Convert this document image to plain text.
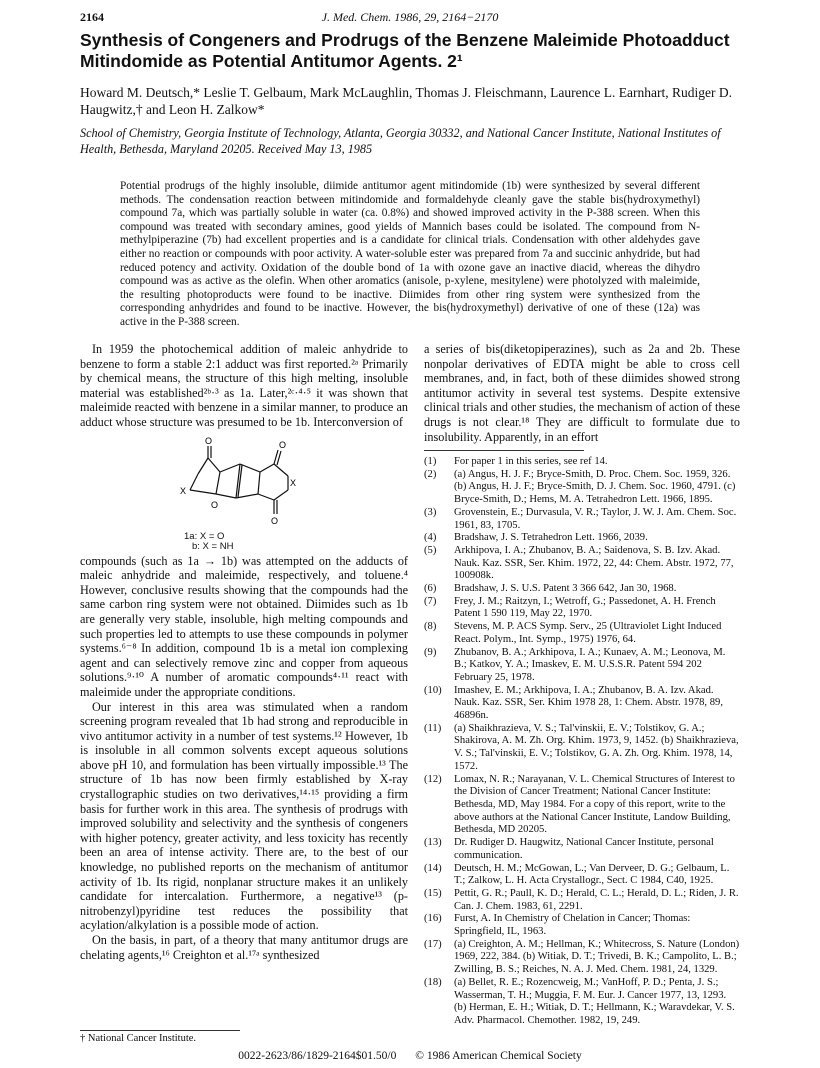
2164	J. Med. Chem. 1986, 29, 2164−2170
Synthesis of Congeners and Prodrugs of the Benzene Maleimide Photoadduct Mitindomide as Potential Antitumor Agents. 2¹

Howard M. Deutsch,* Leslie T. Gelbaum, Mark McLaughlin, Thomas J. Fleischmann, Laurence L. Earnhart, Rudiger D. Haugwitz,† and Leon H. Zalkow*

School of Chemistry, Georgia Institute of Technology, Atlanta, Georgia 30332, and National Cancer Institute, National Institutes of Health, Bethesda, Maryland 20205. Received May 13, 1985

Potential prodrugs of the highly insoluble, diimide antitumor agent mitindomide (1b) were synthesized by several different methods. The condensation reaction between mitindomide and formaldehyde cleanly gave the stable bis(hydroxymethyl) compound 7a, which was partially soluble in water (ca. 0.8%) and showed improved activity in the P-388 screen. When this compound was treated with secondary amines, good yields of Mannich bases could be isolated. The compound from N-methylpiperazine (7b) had excellent properties and is a candidate for clinical trials. Condensation with other aldehydes gave either no reaction or compounds with poor activity. A water-soluble ester was prepared from 7a and succinic anhydride, but had reduced potency and activity. Oxidation of the double bond of 1a with ozone gave an inactive diacid, whereas the dihydro compound was as active as the olefin. When other aromatics (anisole, p-xylene, mesitylene) were photolyzed with maleimide, the resulting photoproducts were found to be inactive. Diimides from other ring system were synthesized from the corresponding anhydrides and found to be inactive. However, the bis(hydroxymethyl) derivative of one of these (12a) was active in the P-388 screen.

In 1959 the photochemical addition of maleic anhydride to benzene to form a stable 2:1 adduct was first reported.²ᵃ Primarily by chemical means, the structure of this high melting, insoluble material was established²ᵇ·³ as 1a. Later,²ᶜ·⁴·⁵ it was shown that maleimide reacted with benzene in a similar manner, to produce an adduct whose structure was presumed to be 1b. Interconversion of

O
X
O
X
O
O
1a: X = O
b: X = NH

compounds (such as 1a → 1b) was attempted on the adducts of maleic anhydride and maleimide, respectively, and toluene.⁴ However, conclusive results showing that the compounds had the same carbon ring system were not obtained. Diimides such as 1b are generally very stable, insoluble, high melting compounds and such properties led to attempts to use these compounds in polymer systems.⁶⁻⁸ In addition, compound 1b is a metal ion complexing agent and can selectively remove zinc and copper from aqueous solutions.⁹·¹⁰ A number of aromatic compounds⁴·¹¹ react with maleimide under the appropriate conditions.

Our interest in this area was stimulated when a random screening program revealed that 1b had strong and reproducible in vivo antitumor activity in a number of test systems.¹² However, 1b is insoluble in all common solvents except aqueous solutions above pH 10, and formulation has been virtually impossible.¹³ The structure of 1b has now been firmly established by X-ray crystallographic studies on two derivatives,¹⁴·¹⁵ providing a firm basis for further work in this area. The synthesis of prodrugs with improved solubility and selectivity and the synthesis of congeners with higher potency, greater activity, and less toxicity has recently been an area of intense activity. There are, to the best of our knowledge, no published reports on the mechanism of antitumor activity of 1b. Its rigid, nonplanar structure makes it an unlikely candidate for intercalation. Furthermore, a negative¹³ (p-nitrobenzyl)pyridine test reduces the possibility that acylation/alkylation is a possible mode of action.

On the basis, in part, of a theory that many antitumor drugs are chelating agents,¹⁶ Creighton et al.¹⁷ᵃ synthesized

a series of bis(diketopiperazines), such as 2a and 2b. These nonpolar derivatives of EDTA might be able to cross cell membranes, and, in fact, both of these diimides showed strong antitumor activity in several test systems. Despite extensive clinical trials and other studies, the mechanism of action of these drugs is not clear.¹⁸ They are difficult to formulate due to insolubility. Apparently, in an effort

(1) For paper 1 in this series, see ref 14.
(2) (a) Angus, H. J. F.; Bryce-Smith, D. Proc. Chem. Soc. 1959, 326. (b) Angus, H. J. F.; Bryce-Smith, D. J. Chem. Soc. 1960, 4791. (c) Bryce-Smith, D.; Hems, M. A. Tetrahedron Lett. 1966, 1895.
(3) Grovenstein, E.; Durvasula, V. R.; Taylor, J. W. J. Am. Chem. Soc. 1961, 83, 1705.
(4) Bradshaw, J. S. Tetrahedron Lett. 1966, 2039.
(5) Arkhipova, I. A.; Zhubanov, B. A.; Saidenova, S. B. Izv. Akad. Nauk. Kaz. SSR, Ser. Khim. 1972, 22, 44: Chem. Abstr. 1972, 77, 100908k.
(6) Bradshaw, J. S. U.S. Patent 3 366 642, Jan 30, 1968.
(7) Frey, J. M.; Raitzyn, I.; Wetroff, G.; Passedonet, A. H. French Patent 1 590 119, May 22, 1970.
(8) Stevens, M. P. ACS Symp. Serv., 25 (Ultraviolet Light Induced React. Polym., Int. Symp., 1975) 1976, 64.
(9) Zhubanov, B. A.; Arkhipova, I. A.; Kunaev, A. M.; Leonova, M. B.; Katkov, Y. A.; Imaskev, E. M. U.S.S.R. Patent 594 202 February 25, 1978.
(10) Imashev, E. M.; Arkhipova, I. A.; Zhubanov, B. A. Izv. Akad. Nauk. Kaz. SSR, Ser. Khim 1978 28, 1: Chem. Abstr. 1978, 89, 46896n.
(11) (a) Shaikhrazieva, V. S.; Tal'vinskii, E. V.; Tolstikov, G. A.; Shakirova, A. M. Zh. Org. Khim. 1973, 9, 1452. (b) Shaikhrazieva, V. S.; Tal'vinskii, E. V.; Tolstikov, G. A. Zh. Org. Khim. 1978, 14, 1572.
(12) Lomax, N. R.; Narayanan, V. L. Chemical Structures of Interest to the Division of Cancer Treatment; National Cancer Institute: Bethesda, MD, May 1984. For a copy of this report, write to the above authors at the National Cancer Institute, Landow Building, Bethesda, MD 20205.
(13) Dr. Rudiger D. Haugwitz, National Cancer Institute, personal communication.
(14) Deutsch, H. M.; McGowan, L.; Van Derveer, D. G.; Gelbaum, L. T.; Zalkow, L. H. Acta Crystallogr., Sect. C 1984, C40, 1925.
(15) Pettit, G. R.; Paull, K. D.; Herald, C. L.; Herald, D. L.; Riden, J. R. Can. J. Chem. 1983, 61, 2291.
(16) Furst, A. In Chemistry of Chelation in Cancer; Thomas: Springfield, IL, 1963.
(17) (a) Creighton, A. M.; Hellman, K.; Whitecross, S. Nature (London) 1969, 222, 384. (b) Witiak, D. T.; Trivedi, B. K.; Campolito, L. B.; Zwilling, B. S.; Reiches, N. A. J. Med. Chem. 1981, 24, 1329.
(18) (a) Bellet, R. E.; Rozencweig, M.; VanHoff, P. D.; Penta, J. S.; Wasserman, T. H.; Muggia, F. M. Eur. J. Cancer 1977, 13, 1293. (b) Herman, E. H.; Witiak, D. T.; Hellmann, K.; Waravdekar, V. S. Adv. Pharmacol. Chemother. 1982, 19, 249.
† National Cancer Institute.
0022-2623/86/1829-2164$01.50/0 © 1986 American Chemical Society
